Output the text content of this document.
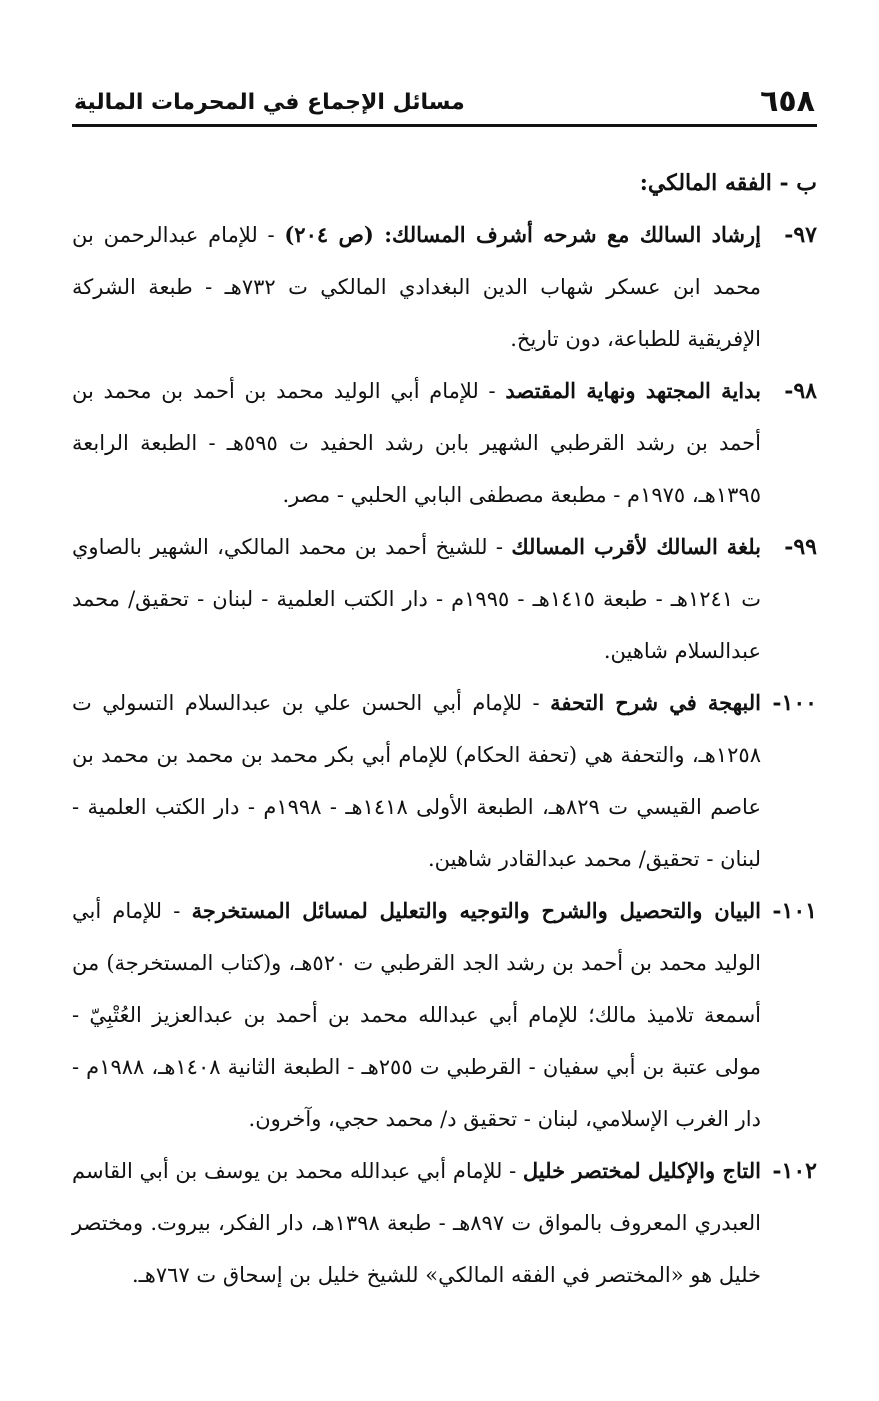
٦٥٨
مسائل الإجماع في المحرمات المالية

ب - الفقه المالكي:

٩٧-
إرشاد السالك مع شرحه أشرف المسالك: (ص ٢٠٤) - للإمام عبدالرحمن بن محمد ابن عسكر شهاب الدين البغدادي المالكي ت ٧٣٢هـ - طبعة الشركة الإفريقية للطباعة، دون تاريخ.
٩٨-
بداية المجتهد ونهاية المقتصد - للإمام أبي الوليد محمد بن أحمد بن محمد بن أحمد بن رشد القرطبي الشهير بابن رشد الحفيد ت ٥٩٥هـ - الطبعة الرابعة ١٣٩٥هـ، ١٩٧٥م - مطبعة مصطفى البابي الحلبي - مصر.
٩٩-
بلغة السالك لأقرب المسالك - للشيخ أحمد بن محمد المالكي، الشهير بالصاوي ت ١٢٤١هـ - طبعة ١٤١٥هـ - ١٩٩٥م - دار الكتب العلمية - لبنان - تحقيق/ محمد عبدالسلام شاهين.
١٠٠-
البهجة في شرح التحفة - للإمام أبي الحسن علي بن عبدالسلام التسولي ت ١٢٥٨هـ، والتحفة هي (تحفة الحكام) للإمام أبي بكر محمد بن محمد بن محمد بن عاصم القيسي ت ٨٢٩هـ، الطبعة الأولى ١٤١٨هـ - ١٩٩٨م - دار الكتب العلمية - لبنان - تحقيق/ محمد عبدالقادر شاهين.
١٠١-
البيان والتحصيل والشرح والتوجيه والتعليل لمسائل المستخرجة - للإمام أبي الوليد محمد بن أحمد بن رشد الجد القرطبي ت ٥٢٠هـ، و(كتاب المستخرجة) من أسمعة تلاميذ مالك؛ للإمام أبي عبدالله محمد بن أحمد بن عبدالعزيز العُتْبِيّ - مولى عتبة بن أبي سفيان - القرطبي ت ٢٥٥هـ - الطبعة الثانية ١٤٠٨هـ، ١٩٨٨م - دار الغرب الإسلامي، لبنان - تحقيق د/ محمد حجي، وآخرون.
١٠٢-
التاج والإكليل لمختصر خليل - للإمام أبي عبدالله محمد بن يوسف بن أبي القاسم العبدري المعروف بالمواق ت ٨٩٧هـ - طبعة ١٣٩٨هـ، دار الفكر، بيروت. ومختصر خليل هو «المختصر في الفقه المالكي» للشيخ خليل بن إسحاق ت ٧٦٧هـ.
